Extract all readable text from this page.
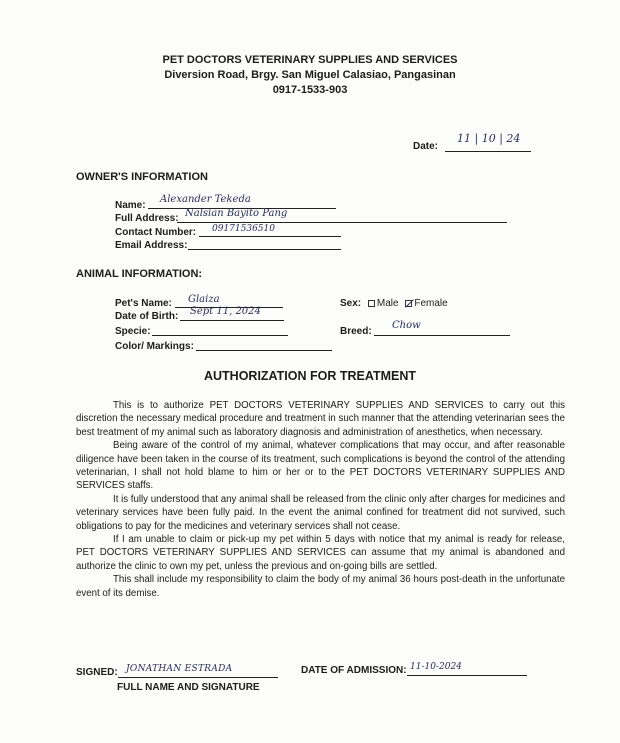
PET DOCTORS VETERINARY SUPPLIES AND SERVICES
Diversion Road, Brgy. San Miguel Calasiao, Pangasinan
0917-1533-903
Date:
11 | 10 | 24
OWNER'S INFORMATION
Name:
Alexander Tekeda
Full Address: Nalsian Bayito Pang
Contact Number: 09171536510
Email Address:
ANIMAL INFORMATION:
Pet's Name: Glaiza
Date of Birth: Sept 11, 2024
Specie:
Color/ Markings:
Sex: Male Female
Breed:
Chow
AUTHORIZATION FOR TREATMENT

This is to authorize PET DOCTORS VETERINARY SUPPLIES AND SERVICES to carry out this discretion the necessary medical procedure and treatment in such manner that the attending veterinarian sees the best treatment of my animal such as laboratory diagnosis and administration of anesthetics, when necessary.

Being aware of the control of my animal, whatever complications that may occur, and after reasonable diligence have been taken in the course of its treatment, such complications is beyond the control of the attending veterinarian, I shall not hold blame to him or her or to the PET DOCTORS VETERINARY SUPPLIES AND SERVICES staffs.

It is fully understood that any animal shall be released from the clinic only after charges for medicines and veterinary services have been fully paid. In the event the animal confined for treatment did not survived, such obligations to pay for the medicines and veterinary services shall not cease.

If I am unable to claim or pick-up my pet within 5 days with notice that my animal is ready for release, PET DOCTORS VETERINARY SUPPLIES AND SERVICES can assume that my animal is abandoned and authorize the clinic to own my pet, unless the previous and on-going bills are settled.

This shall include my responsibility to claim the body of my animal 36 hours post-death in the unfortunate event of its demise.

SIGNED: JONATHAN ESTRADA
FULL NAME AND SIGNATURE
DATE OF ADMISSION: 11-10-2024
